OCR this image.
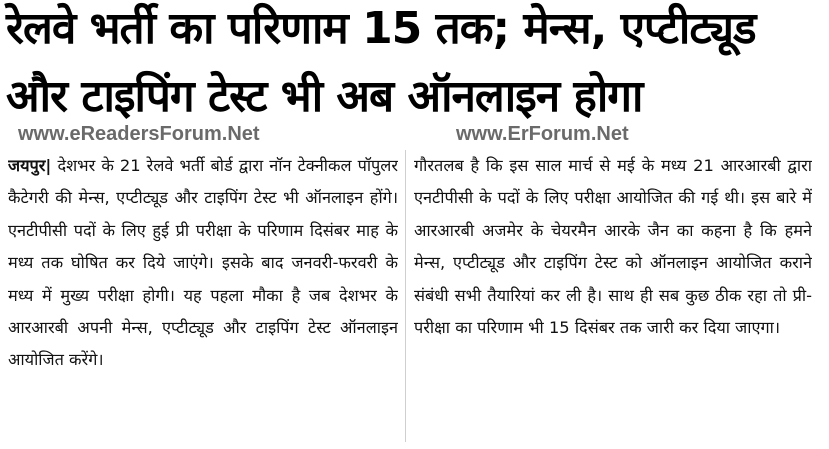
रेलवे भर्ती का परिणाम 15 तक; मेन्स, एप्टीट्यूड
और टाइपिंग टेस्ट भी अब ऑनलाइन होगा
www.eReadersForum.Net	www.ErForum.Net
जयपुर| देशभर के 21 रेलवे भर्ती बोर्ड द्वारा नॉन टेक्नीकल पॉपुलर कैटेगरी की मेन्स, एप्टीट्यूड और टाइपिंग टेस्ट भी ऑनलाइन होंगे। एनटीपीसी पदों के लिए हुई प्री परीक्षा के परिणाम दिसंबर माह के मध्य तक घोषित कर दिये जाएंगे। इसके बाद जनवरी-फरवरी के मध्य में मुख्य परीक्षा होगी। यह पहला मौका है जब देशभर के आरआरबी अपनी मेन्स, एप्टीट्यूड और टाइपिंग टेस्ट ऑनलाइन आयोजित करेंगे।
गौरतलब है कि इस साल मार्च से मई के मध्य 21 आरआरबी द्वारा एनटीपीसी के पदों के लिए परीक्षा आयोजित की गई थी। इस बारे में आरआरबी अजमेर के चेयरमैन आरके जैन का कहना है कि हमने मेन्स, एप्टीट्यूड और टाइपिंग टेस्ट को ऑनलाइन आयोजित कराने संबंधी सभी तैयारियां कर ली है। साथ ही सब कुछ ठीक रहा तो प्री-परीक्षा का परिणाम भी 15 दिसंबर तक जारी कर दिया जाएगा।
